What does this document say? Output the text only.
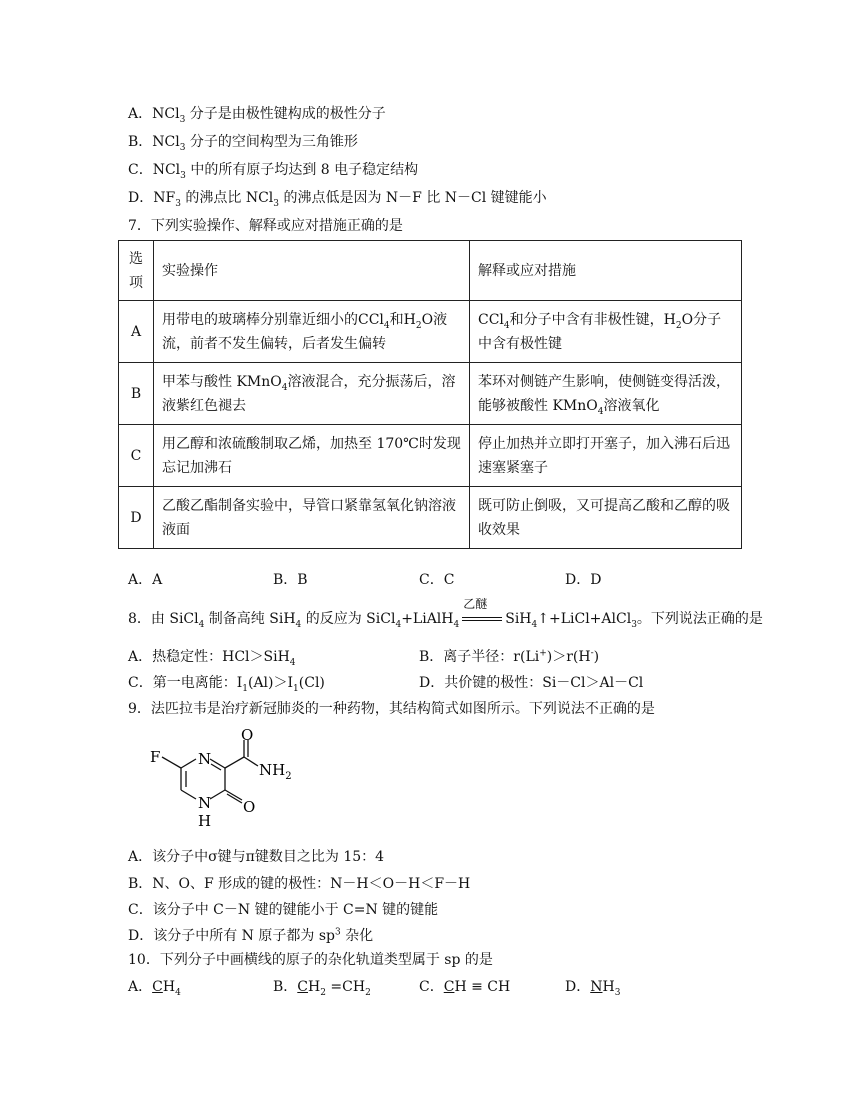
A．NCl$_3$ 分子是由极性键构成的极性分子
B．NCl$_3$ 分子的空间构型为三角锥形
C．NCl$_3$ 中的所有原子均达到 8 电子稳定结构
D．$NF_3$ 的沸点比 NCl$_3$ 的沸点低是因为 N－F 比 N－Cl 键键能小
7．下列实验操作、解释或应对措施正确的是
选
项	实验操作	解释或应对措施
A	用带电的玻璃棒分别靠近细小的CCl$_4$和$H_2O$液流，前者不发生偏转，后者发生偏转	CCl$_4$和分子中含有非极性键，$H_2O$分子中含有极性键
B	甲苯与酸性 KMnO$_4$溶液混合，充分振荡后，溶液紫红色褪去	苯环对侧链产生影响，使侧链变得活泼，能够被酸性 KMnO$_4$溶液氧化
C	用乙醇和浓硫酸制取乙烯，加热至 170℃时发现忘记加沸石	停止加热并立即打开塞子，加入沸石后迅速塞紧塞子
D	乙酸乙酯制备实验中，导管口紧靠氢氧化钠溶液液面	既可防止倒吸，又可提高乙酸和乙醇的吸收效果
A．A	B．B	C．C	D．D
8．由 SiCl$_4$ 制备高纯 SiH$_4$ 的反应为 SiCl$_4$+LiAlH$_4$
乙醚
SiH$_4$↑+LiCl+AlCl$_3$。下列说法正确的是
A．热稳定性：HCl＞SiH$_4$	B．离子半径：r(Li+)＞r(H-)
C．第一电离能：$I_1(Al)>I_1(Cl)$	D．共价键的极性：Si－Cl＞Al－Cl
9．法匹拉韦是治疗新冠肺炎的一种药物，其结构简式如图所示。下列说法不正确的是
F	N
O
$NH_2$
O
N
H
A．该分子中σ键与π键数目之比为 15：4
B．N、O、F 形成的键的极性：N－H＜O－H＜F－H
C．该分子中 C－N 键的键能小于 C=N 键的键能
D．该分子中所有 N 原子都为 $sp^3$ 杂化
10．下列分子中画横线的原子的杂化轨道类型属于 sp 的是
A．$CH_4$	B．$CH_2 =CH_2$	C．CH ≡ CH	D．$NH_3$
